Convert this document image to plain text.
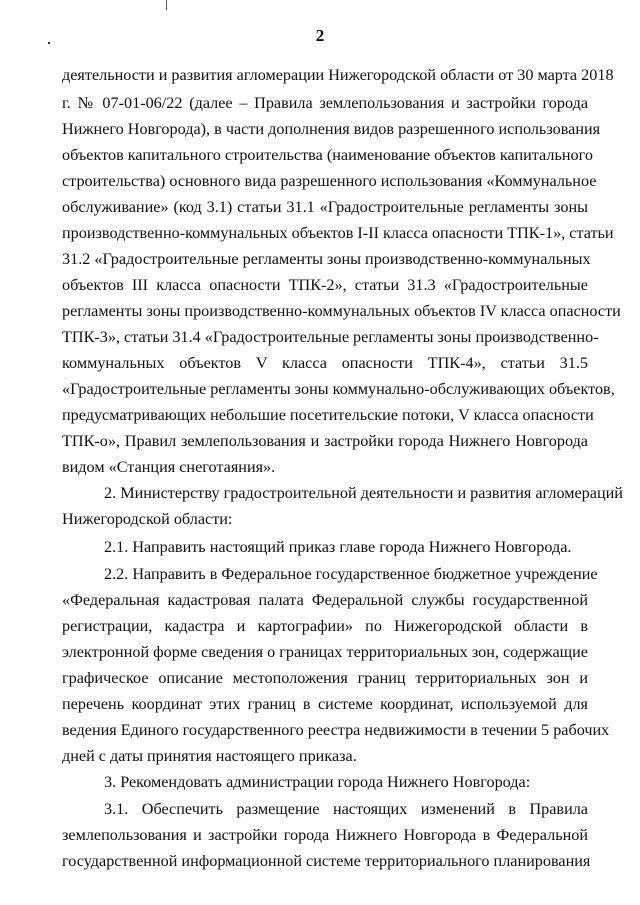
2
деятельности и развития агломерации Нижегородской области от 30 марта 2018
г. № 07-01-06/22 (далее – Правила землепользования и застройки города
Нижнего Новгорода), в части дополнения видов разрешенного использования
объектов капитального строительства (наименование объектов капитального
строительства) основного вида разрешенного использования «Коммунальное
обслуживание» (код 3.1) статьи 31.1 «Градостроительные регламенты зоны
производственно-коммунальных объектов I-II класса опасности ТПК-1», статьи
31.2 «Градостроительные регламенты зоны производственно-коммунальных
объектов III класса опасности ТПК-2», статьи 31.3 «Градостроительные
регламенты зоны производственно-коммунальных объектов IV класса опасности
ТПК-3», статьи 31.4 «Градостроительные регламенты зоны производственно-
коммунальных объектов V класса опасности ТПК-4», статьи 31.5
«Градостроительные регламенты зоны коммунально-обслуживающих объектов,
предусматривающих небольшие посетительские потоки, V класса опасности
ТПК-о», Правил землепользования и застройки города Нижнего Новгорода
видом «Станция снеготаяния».
2. Министерству градостроительной деятельности и развития агломераций
Нижегородской области:
2.1. Направить настоящий приказ главе города Нижнего Новгорода.
2.2. Направить в Федеральное государственное бюджетное учреждение
«Федеральная кадастровая палата Федеральной службы государственной
регистрации, кадастра и картографии» по Нижегородской области в
электронной форме сведения о границах территориальных зон, содержащие
графическое описание местоположения границ территориальных зон и
перечень координат этих границ в системе координат, используемой для
ведения Единого государственного реестра недвижимости в течении 5 рабочих
дней с даты принятия настоящего приказа.
3. Рекомендовать администрации города Нижнего Новгорода:
3.1. Обеспечить размещение настоящих изменений в Правила
землепользования и застройки города Нижнего Новгорода в Федеральной
государственной информационной системе территориального планирования
